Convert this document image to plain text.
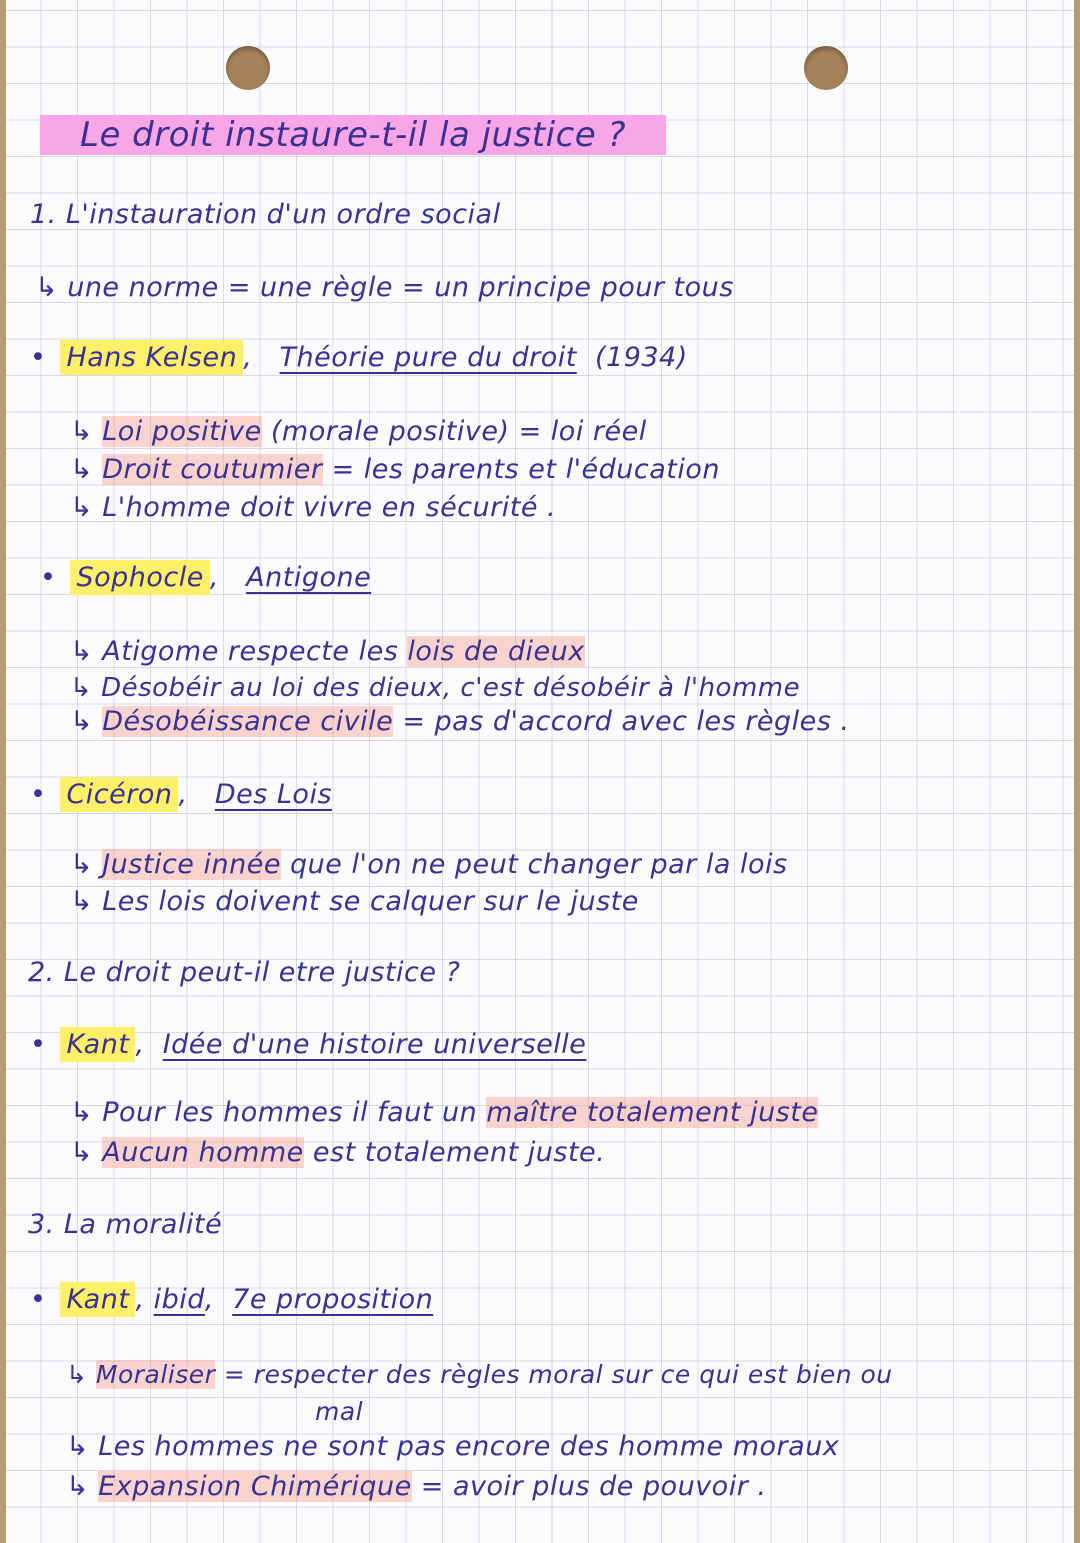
Le droit instaure-t-il la justice ?
1. L'instauration d'un ordre social
↳ une norme = une règle = un principe pour tous
• Hans Kelsen , Théorie pure du droit (1934)
↳ Loi positive (morale positive) = loi réel
↳ Droit coutumier = les parents et l'éducation
↳ L'homme doit vivre en sécurité .
• Sophocle , Antigone
↳ Atigome respecte les lois de dieux
↳ Désobéir au loi des dieux, c'est désobéir à l'homme
↳ Désobéissance civile = pas d'accord avec les règles .
• Cicéron , Des Lois
↳ Justice innée que l'on ne peut changer par la lois
↳ Les lois doivent se calquer sur le juste
2. Le droit peut-il etre justice ?
• Kant , Idée d'une histoire universelle
↳ Pour les hommes il faut un maître totalement juste
↳ Aucun homme est totalement juste.
3. La moralité
• Kant , ibid, 7e proposition
↳ Moraliser = respecter des règles moral sur ce qui est bien ou
mal
↳ Les hommes ne sont pas encore des homme moraux
↳ Expansion Chimérique = avoir plus de pouvoir .
